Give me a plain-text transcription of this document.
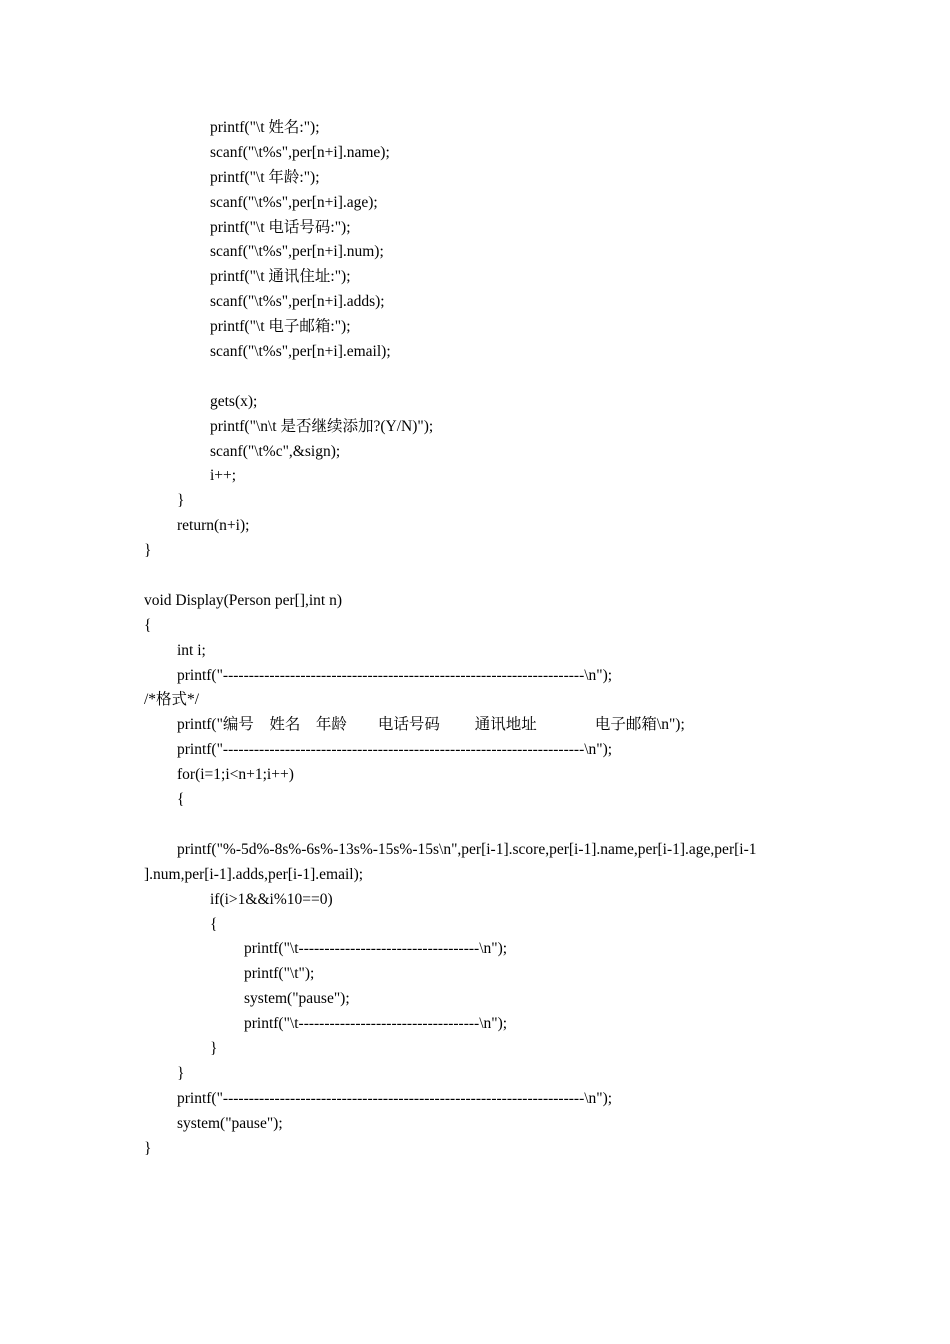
printf("\t 姓名:");
scanf("\t%s",per[n+i].name);
printf("\t 年龄:");
scanf("\t%s",per[n+i].age);
printf("\t 电话号码:");
scanf("\t%s",per[n+i].num);
printf("\t 通讯住址:");
scanf("\t%s",per[n+i].adds);
printf("\t 电子邮箱:");
scanf("\t%s",per[n+i].email);
gets(x);
printf("\n\t 是否继续添加?(Y/N)");
scanf("\t%c",&sign);
i++;
}
return(n+i);
}
void Display(Person per[],int n)
{
int i;
printf("----------------------------------------------------------------------\n");
/*格式*/
printf("编号    姓名    年龄        电话号码         通讯地址               电子邮箱\n");
printf("----------------------------------------------------------------------\n");
for(i=1;i<n+1;i++)
{
printf("%-5d%-8s%-6s%-13s%-15s%-15s\n",per[i-1].score,per[i-1].name,per[i-1].age,per[i-1
].num,per[i-1].adds,per[i-1].email);
if(i>1&&i%10==0)
{
printf("\t-----------------------------------\n");
printf("\t");
system("pause");
printf("\t-----------------------------------\n");
}
}
printf("----------------------------------------------------------------------\n");
system("pause");
}
